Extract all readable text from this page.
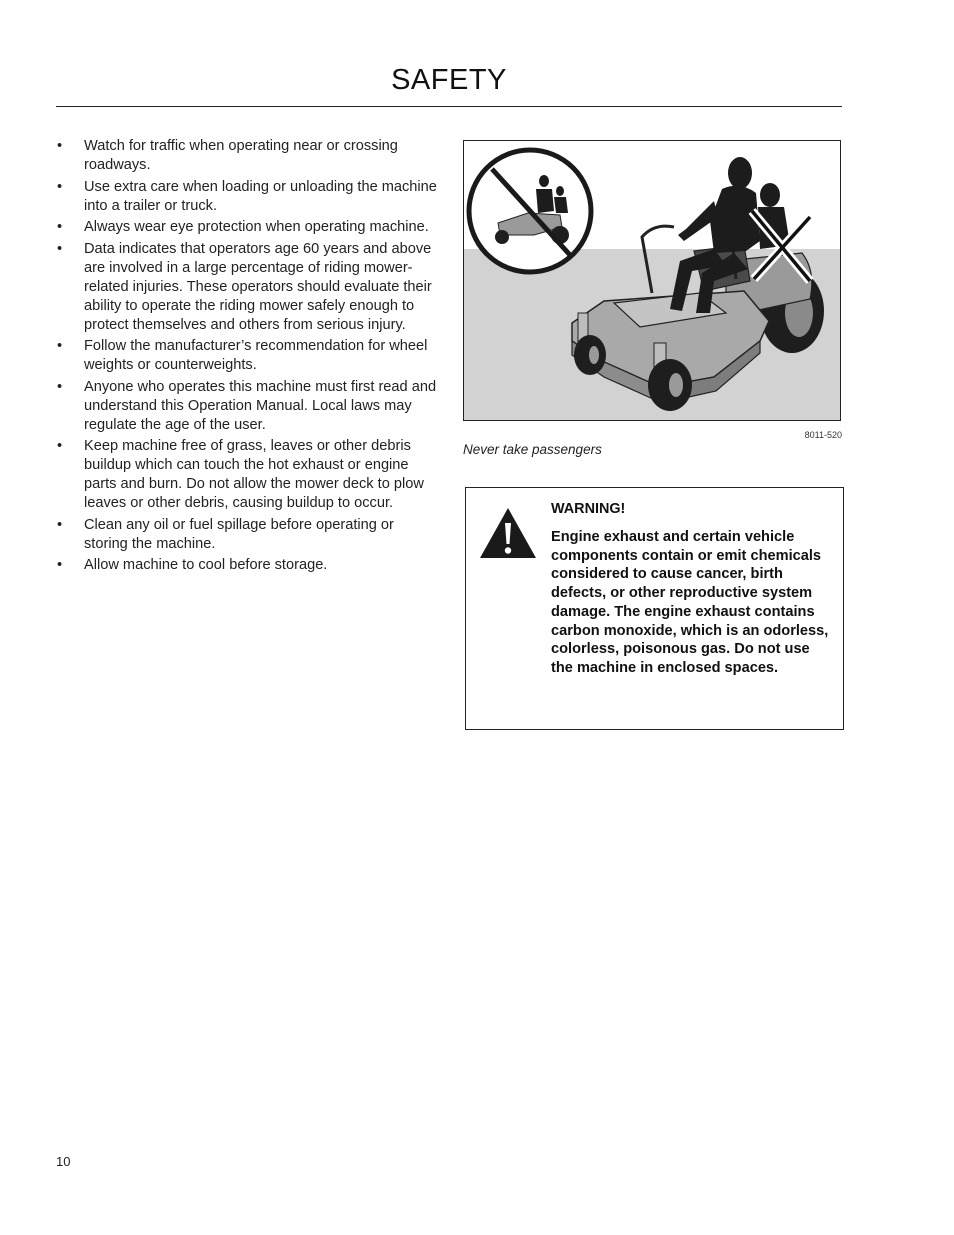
SAFETY
• Watch for traffic when operating near or crossing roadways.
• Use extra care when loading or unloading the machine into a trailer or truck.
• Always wear eye protection when operating machine.
• Data indicates that operators age 60 years and above are involved in a large percentage of riding mower-related injuries. These operators should evaluate their ability to operate the riding mower safely enough to protect themselves and others from serious injury.
• Follow the manufacturer’s recommendation for wheel weights or counterweights.
• Anyone who operates this machine must first read and understand this Operation Manual. Local laws may regulate the age of the user.
• Keep machine free of grass, leaves or other debris buildup which can touch the hot exhaust or engine parts and burn. Do not allow the mower deck to plow leaves or other debris, causing buildup to occur.
• Clean any oil or fuel spillage before operating or storing the machine.
• Allow machine to cool before storage.
8011-520
Never take passengers
WARNING!
Engine exhaust and certain vehicle components contain or emit chemicals considered to cause cancer, birth defects, or other reproductive system damage. The engine exhaust contains carbon monoxide, which is an odorless, colorless, poisonous gas. Do not use the machine in enclosed spaces.
10
